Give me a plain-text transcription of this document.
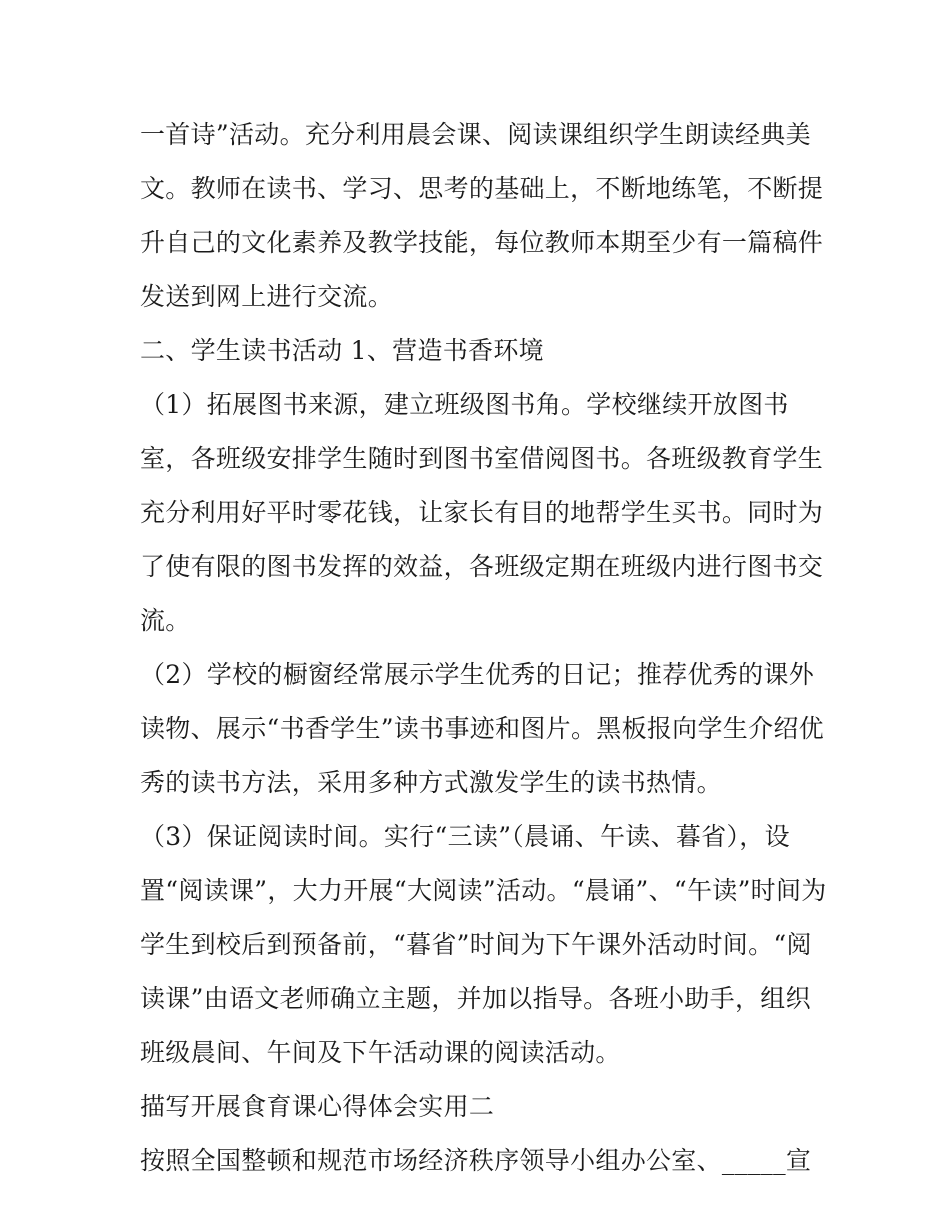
一首诗”活动。充分利用晨会课、阅读课组织学生朗读经典美
文。教师在读书、学习、思考的基础上，不断地练笔，不断提
升自己的文化素养及教学技能，每位教师本期至少有一篇稿件
发送到网上进行交流。
二、学生读书活动 1、营造书香环境
（1）拓展图书来源，建立班级图书角。学校继续开放图书
室，各班级安排学生随时到图书室借阅图书。各班级教育学生
充分利用好平时零花钱，让家长有目的地帮学生买书。同时为
了使有限的图书发挥的效益，各班级定期在班级内进行图书交
流。
（2）学校的橱窗经常展示学生优秀的日记；推荐优秀的课外
读物、展示“书香学生”读书事迹和图片。黑板报向学生介绍优
秀的读书方法，采用多种方式激发学生的读书热情。
（3）保证阅读时间。实行“三读”（晨诵、午读、暮省），设
置“阅读课”，大力开展“大阅读”活动。“晨诵”、“午读”时间为
学生到校后到预备前，“暮省”时间为下午课外活动时间。“阅
读课”由语文老师确立主题，并加以指导。各班小助手，组织
班级晨间、午间及下午活动课的阅读活动。
描写开展食育课心得体会实用二
按照全国整顿和规范市场经济秩序领导小组办公室、_____宣
